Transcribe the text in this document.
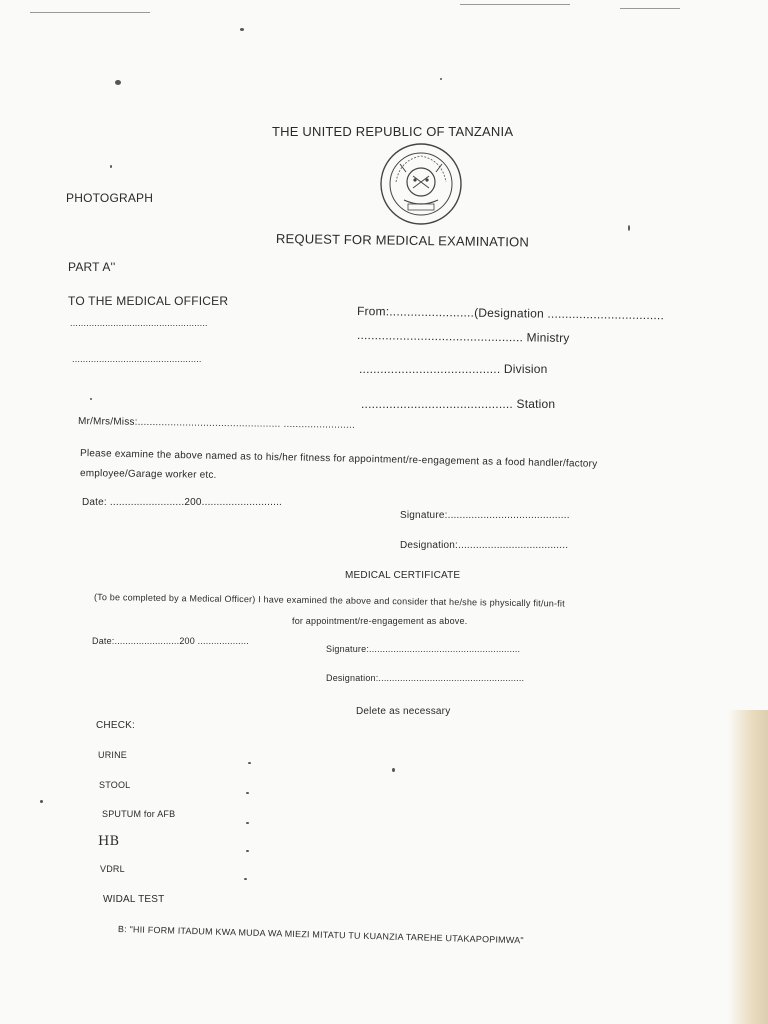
THE UNITED REPUBLIC OF TANZANIA
PHOTOGRAPH
REQUEST FOR MEDICAL EXAMINATION
PART A''
TO THE MEDICAL OFFICER
...................................................
................................................
From:........................(Designation .................................
............................................... Ministry
........................................ Division
........................................... Station
Mr/Mrs/Miss:................................................ ........................
Please examine the above named as to his/her fitness for appointment/re-engagement as a food handler/factory
employee/Garage worker etc.
Date: .........................200...........................
Signature:.........................................
Designation:.....................................
MEDICAL CERTIFICATE
(To be completed by a Medical Officer) I have examined the above and consider that he/she is physically fit/un-fit
for appointment/re-engagement as above.
Date:........................200 ...................
Signature:........................................................
Designation:......................................................
Delete as necessary
CHECK:
URINE
STOOL
SPUTUM for AFB
HB
VDRL
WIDAL TEST
B: "HII FORM ITADUM KWA MUDA WA MIEZI MITATU TU KUANZIA TAREHE UTAKAPOPIMWA"
